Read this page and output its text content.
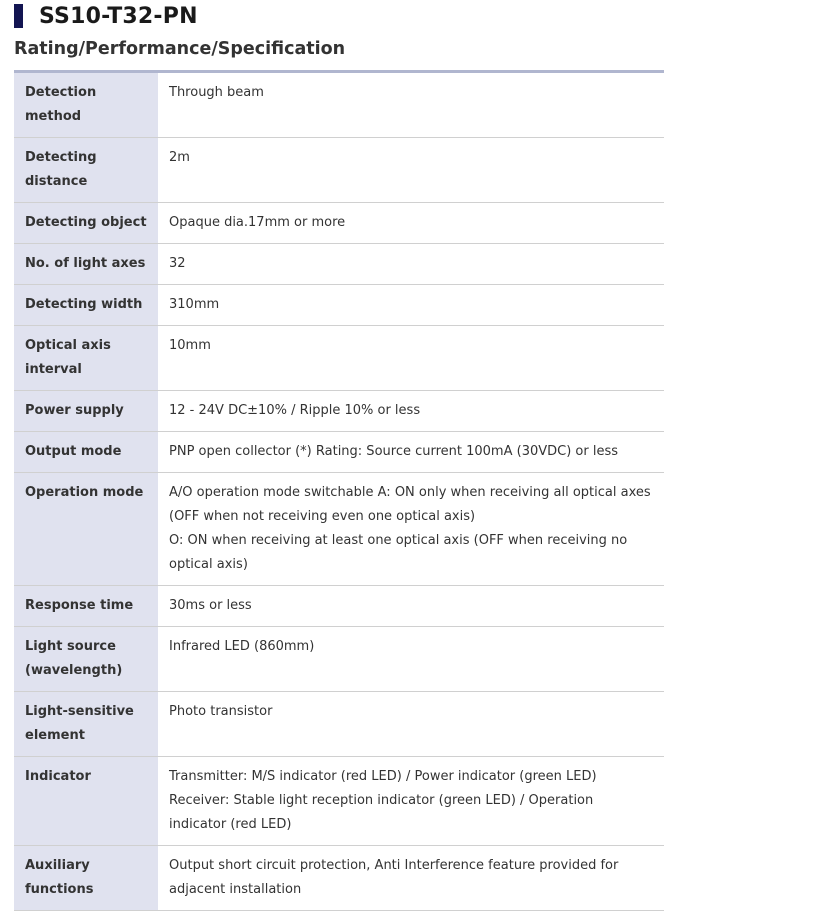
SS10-T32-PN
Rating/Performance/Specification
Detection method	Through beam

Detecting distance	2m

Detecting object	Opaque dia.17mm or more

No. of light axes	32

Detecting width	310mm

Optical axis interval	10mm

Power supply	12 - 24V DC±10% / Ripple 10% or less

Output mode	PNP open collector (*) Rating: Source current 100mA (30VDC) or less

Operation mode	A/O operation mode switchable A: ON only when receiving all optical axes (OFF when not receiving even one optical axis)
O: ON when receiving at least one optical axis (OFF when receiving no optical axis)

Response time	30ms or less

Light source (wavelength)	Infrared LED (860mm)

Light-sensitive element	Photo transistor

Indicator	Transmitter: M/S indicator (red LED) / Power indicator (green LED)
Receiver: Stable light reception indicator (green LED) / Operation indicator (red LED)

Auxiliary functions	Output short circuit protection, Anti Interference feature provided for adjacent installation
